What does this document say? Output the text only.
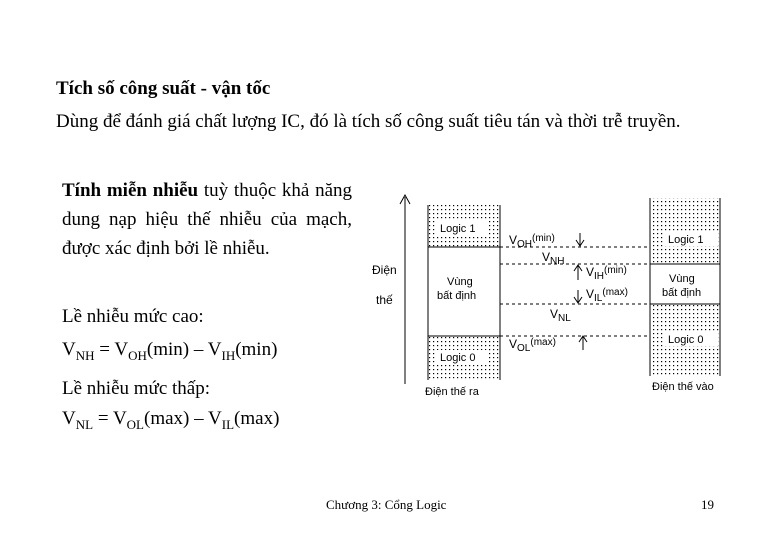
Tích số công suất - vận tốc
Dùng để đánh giá chất lượng IC, đó là tích số công suất tiêu tán và thời trễ truyền.
Tính miễn nhiễu tuỳ thuộc khả năng dung nạp hiệu thế nhiễu của mạch, được xác định bởi lề nhiễu.
Lề nhiễu mức cao:
$V_{NH} = V_{OH}(\min) - V_{IH}(\min)$
Lề nhiễu mức thấp:
$V_{NL} = V_{OL}(\max) - V_{IL}(\max)$
Điện
thế
Logic 1
Vùng
bất định
Logic 0
Điện thế ra
Logic 1
Vùng
bất định
Logic 0
Điện thế vào
$V_{OH}^{(min)}$
$V_{NH}$
$V_{IH}^{(min)}$
$V_{IL}^{(max)}$
$V_{NL}$
$V_{OL}^{(max)}$
Chương 3: Cổng Logic	19
